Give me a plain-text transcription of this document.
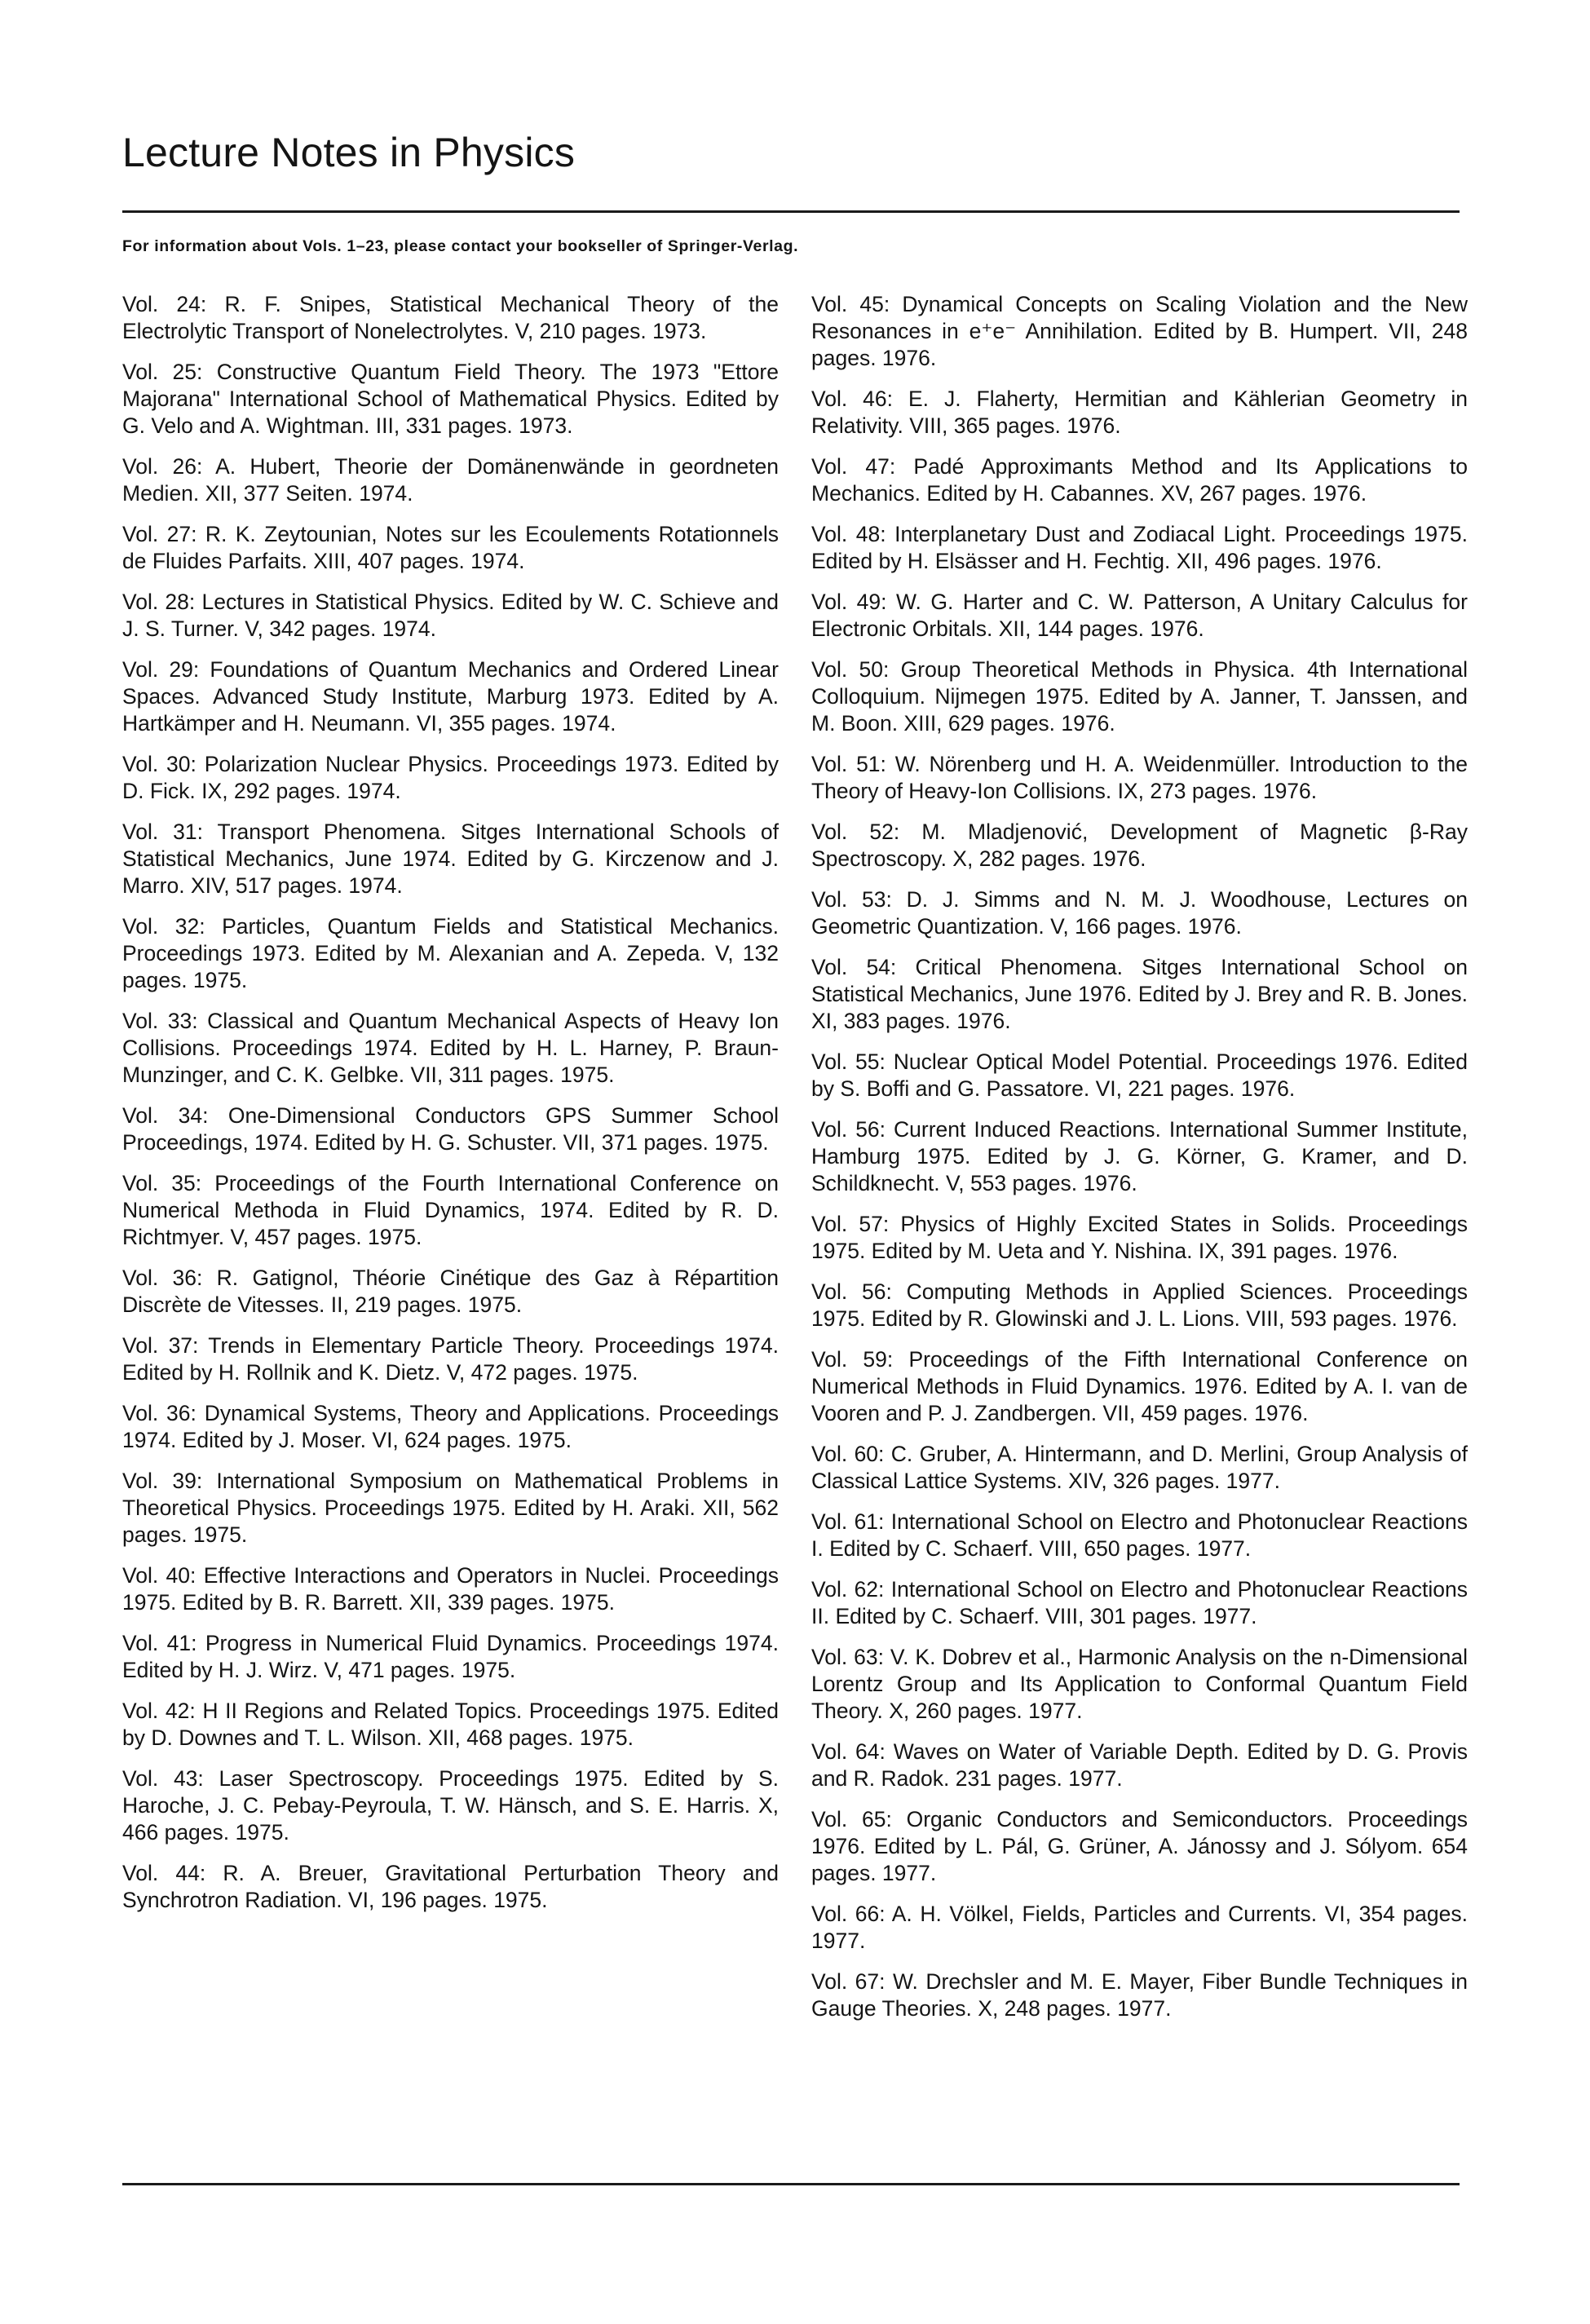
Lecture Notes in Physics

For information about Vols. 1–23, please contact your bookseller of Springer-Verlag.

Vol. 24: R. F. Snipes, Statistical Mechanical Theory of the Electrolytic Transport of Nonelectrolytes. V, 210 pages. 1973.

Vol. 25: Constructive Quantum Field Theory. The 1973 "Ettore Majorana" International School of Mathematical Physics. Edited by G. Velo and A. Wightman. III, 331 pages. 1973.

Vol. 26: A. Hubert, Theorie der Domänenwände in geordneten Medien. XII, 377 Seiten. 1974.

Vol. 27: R. K. Zeytounian, Notes sur les Ecoulements Rotationnels de Fluides Parfaits. XIII, 407 pages. 1974.

Vol. 28: Lectures in Statistical Physics. Edited by W. C. Schieve and J. S. Turner. V, 342 pages. 1974.

Vol. 29: Foundations of Quantum Mechanics and Ordered Linear Spaces. Advanced Study Institute, Marburg 1973. Edited by A. Hartkämper and H. Neumann. VI, 355 pages. 1974.

Vol. 30: Polarization Nuclear Physics. Proceedings 1973. Edited by D. Fick. IX, 292 pages. 1974.

Vol. 31: Transport Phenomena. Sitges International Schools of Statistical Mechanics, June 1974. Edited by G. Kirczenow and J. Marro. XIV, 517 pages. 1974.

Vol. 32: Particles, Quantum Fields and Statistical Mechanics. Proceedings 1973. Edited by M. Alexanian and A. Zepeda. V, 132 pages. 1975.

Vol. 33: Classical and Quantum Mechanical Aspects of Heavy Ion Collisions. Proceedings 1974. Edited by H. L. Harney, P. Braun-Munzinger, and C. K. Gelbke. VII, 311 pages. 1975.

Vol. 34: One-Dimensional Conductors GPS Summer School Proceedings, 1974. Edited by H. G. Schuster. VII, 371 pages. 1975.

Vol. 35: Proceedings of the Fourth International Conference on Numerical Methoda in Fluid Dynamics, 1974. Edited by R. D. Richtmyer. V, 457 pages. 1975.

Vol. 36: R. Gatignol, Théorie Cinétique des Gaz à Répartition Discrète de Vitesses. II, 219 pages. 1975.

Vol. 37: Trends in Elementary Particle Theory. Proceedings 1974. Edited by H. Rollnik and K. Dietz. V, 472 pages. 1975.

Vol. 36: Dynamical Systems, Theory and Applications. Proceedings 1974. Edited by J. Moser. VI, 624 pages. 1975.

Vol. 39: International Symposium on Mathematical Problems in Theoretical Physics. Proceedings 1975. Edited by H. Araki. XII, 562 pages. 1975.

Vol. 40: Effective Interactions and Operators in Nuclei. Proceedings 1975. Edited by B. R. Barrett. XII, 339 pages. 1975.

Vol. 41: Progress in Numerical Fluid Dynamics. Proceedings 1974. Edited by H. J. Wirz. V, 471 pages. 1975.

Vol. 42: H II Regions and Related Topics. Proceedings 1975. Edited by D. Downes and T. L. Wilson. XII, 468 pages. 1975.

Vol. 43: Laser Spectroscopy. Proceedings 1975. Edited by S. Haroche, J. C. Pebay-Peyroula, T. W. Hänsch, and S. E. Harris. X, 466 pages. 1975.

Vol. 44: R. A. Breuer, Gravitational Perturbation Theory and Synchrotron Radiation. VI, 196 pages. 1975.

Vol. 45: Dynamical Concepts on Scaling Violation and the New Resonances in e⁺e⁻ Annihilation. Edited by B. Humpert. VII, 248 pages. 1976.

Vol. 46: E. J. Flaherty, Hermitian and Kählerian Geometry in Relativity. VIII, 365 pages. 1976.

Vol. 47: Padé Approximants Method and Its Applications to Mechanics. Edited by H. Cabannes. XV, 267 pages. 1976.

Vol. 48: Interplanetary Dust and Zodiacal Light. Proceedings 1975. Edited by H. Elsässer and H. Fechtig. XII, 496 pages. 1976.

Vol. 49: W. G. Harter and C. W. Patterson, A Unitary Calculus for Electronic Orbitals. XII, 144 pages. 1976.

Vol. 50: Group Theoretical Methods in Physica. 4th International Colloquium. Nijmegen 1975. Edited by A. Janner, T. Janssen, and M. Boon. XIII, 629 pages. 1976.

Vol. 51: W. Nörenberg und H. A. Weidenmüller. Introduction to the Theory of Heavy-Ion Collisions. IX, 273 pages. 1976.

Vol. 52: M. Mladjenović, Development of Magnetic β-Ray Spectroscopy. X, 282 pages. 1976.

Vol. 53: D. J. Simms and N. M. J. Woodhouse, Lectures on Geometric Quantization. V, 166 pages. 1976.

Vol. 54: Critical Phenomena. Sitges International School on Statistical Mechanics, June 1976. Edited by J. Brey and R. B. Jones. XI, 383 pages. 1976.

Vol. 55: Nuclear Optical Model Potential. Proceedings 1976. Edited by S. Boffi and G. Passatore. VI, 221 pages. 1976.

Vol. 56: Current Induced Reactions. International Summer Institute, Hamburg 1975. Edited by J. G. Körner, G. Kramer, and D. Schildknecht. V, 553 pages. 1976.

Vol. 57: Physics of Highly Excited States in Solids. Proceedings 1975. Edited by M. Ueta and Y. Nishina. IX, 391 pages. 1976.

Vol. 56: Computing Methods in Applied Sciences. Proceedings 1975. Edited by R. Glowinski and J. L. Lions. VIII, 593 pages. 1976.

Vol. 59: Proceedings of the Fifth International Conference on Numerical Methods in Fluid Dynamics. 1976. Edited by A. I. van de Vooren and P. J. Zandbergen. VII, 459 pages. 1976.

Vol. 60: C. Gruber, A. Hintermann, and D. Merlini, Group Analysis of Classical Lattice Systems. XIV, 326 pages. 1977.

Vol. 61: International School on Electro and Photonuclear Reactions I. Edited by C. Schaerf. VIII, 650 pages. 1977.

Vol. 62: International School on Electro and Photonuclear Reactions II. Edited by C. Schaerf. VIII, 301 pages. 1977.

Vol. 63: V. K. Dobrev et al., Harmonic Analysis on the n-Dimensional Lorentz Group and Its Application to Conformal Quantum Field Theory. X, 260 pages. 1977.

Vol. 64: Waves on Water of Variable Depth. Edited by D. G. Provis and R. Radok. 231 pages. 1977.

Vol. 65: Organic Conductors and Semiconductors. Proceedings 1976. Edited by L. Pál, G. Grüner, A. Jánossy and J. Sólyom. 654 pages. 1977.

Vol. 66: A. H. Völkel, Fields, Particles and Currents. VI, 354 pages. 1977.

Vol. 67: W. Drechsler and M. E. Mayer, Fiber Bundle Techniques in Gauge Theories. X, 248 pages. 1977.
